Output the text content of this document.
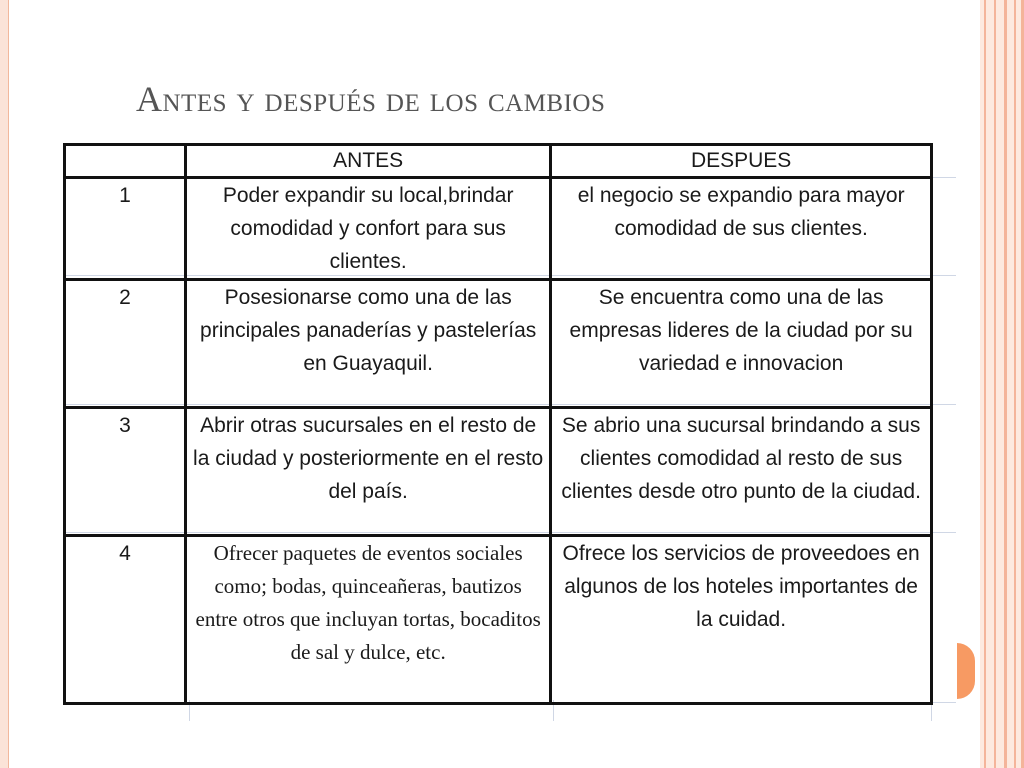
Antes y después de los cambios
	ANTES	DESPUES
1	Poder expandir su local,brindar comodidad y confort para sus clientes.	el negocio se expandio para mayor comodidad de sus clientes.
2	Posesionarse como una de las principales panaderías y pastelerías en Guayaquil.	Se encuentra como una de las empresas lideres de la ciudad por su variedad e innovacion
3	Abrir otras sucursales en el resto de la ciudad y posteriormente en el resto del país.	Se abrio una sucursal brindando a sus clientes comodidad al resto de sus clientes desde otro punto de la ciudad.
4	Ofrecer paquetes de eventos sociales como; bodas, quinceañeras, bautizos entre otros que incluyan tortas, bocaditos de sal y dulce, etc.	Ofrece los servicios de proveedoes en algunos de los hoteles importantes de la cuidad.
